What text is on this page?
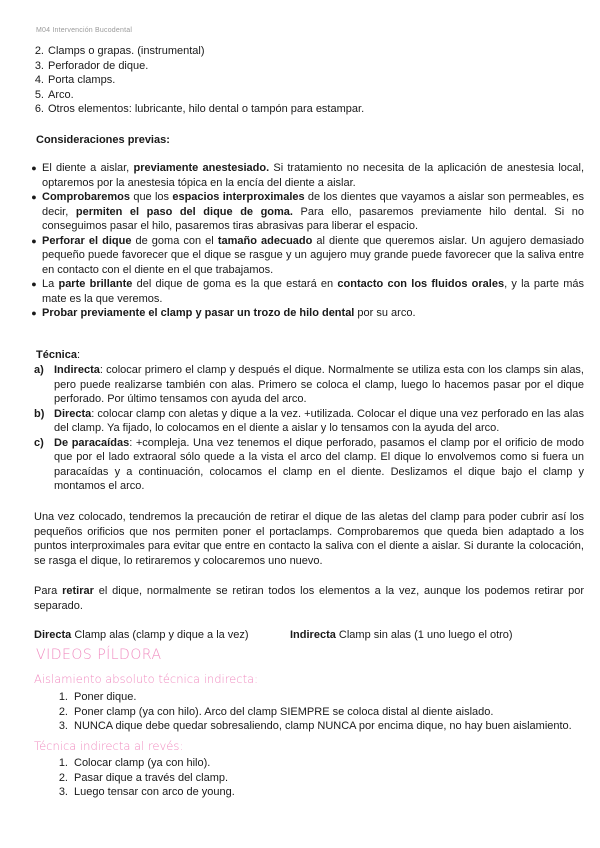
M04 Intervención Bucodental
2. Clamps o grapas. (instrumental)
3. Perforador de dique.
4. Porta clamps.
5. Arco.
6. Otros elementos: lubricante, hilo dental o tampón para estampar.
Consideraciones previas:
● El diente a aislar, previamente anestesiado. Si tratamiento no necesita de la aplicación de anestesia local, optaremos por la anestesia tópica en la encía del diente a aislar.
● Comprobaremos que los espacios interproximales de los dientes que vayamos a aislar son permeables, es decir, permiten el paso del dique de goma. Para ello, pasaremos previamente hilo dental. Si no conseguimos pasar el hilo, pasaremos tiras abrasivas para liberar el espacio.
● Perforar el dique de goma con el tamaño adecuado al diente que queremos aislar. Un agujero demasiado pequeño puede favorecer que el dique se rasgue y un agujero muy grande puede favorecer que la saliva entre en contacto con el diente en el que trabajamos.
● La parte brillante del dique de goma es la que estará en contacto con los fluidos orales, y la parte más mate es la que veremos.
● Probar previamente el clamp y pasar un trozo de hilo dental por su arco.
Técnica:
a) Indirecta: colocar primero el clamp y después el dique. Normalmente se utiliza esta con los clamps sin alas, pero puede realizarse también con alas. Primero se coloca el clamp, luego lo hacemos pasar por el dique perforado. Por último tensamos con ayuda del arco.
b) Directa: colocar clamp con aletas y dique a la vez. +utilizada. Colocar el dique una vez perforado en las alas del clamp. Ya fijado, lo colocamos en el diente a aislar y lo tensamos con la ayuda del arco.
c) De paracaídas: +compleja. Una vez tenemos el dique perforado, pasamos el clamp por el orificio de modo que por el lado extraoral sólo quede a la vista el arco del clamp. El dique lo envolvemos como si fuera un paracaídas y a continuación, colocamos el clamp en el diente. Deslizamos el dique bajo el clamp y montamos el arco.
Una vez colocado, tendremos la precaución de retirar el dique de las aletas del clamp para poder cubrir así los pequeños orificios que nos permiten poner el portaclamps. Comprobaremos que queda bien adaptado a los puntos interproximales para evitar que entre en contacto la saliva con el diente a aislar. Si durante la colocación, se rasga el dique, lo retiraremos y colocaremos uno nuevo.
Para retirar el dique, normalmente se retiran todos los elementos a la vez, aunque los podemos retirar por separado.
Directa Clamp alas (clamp y dique a la vez)	Indirecta Clamp sin alas (1 uno luego el otro)
VIDEOS PÍLDORA
Aislamiento absoluto técnica indirecta:
1. Poner dique.
2. Poner clamp (ya con hilo). Arco del clamp SIEMPRE se coloca distal al diente aislado.
3. NUNCA dique debe quedar sobresaliendo, clamp NUNCA por encima dique, no hay buen aislamiento.
Técnica indirecta al revés:
1. Colocar clamp (ya con hilo).
2. Pasar dique a través del clamp.
3. Luego tensar con arco de young.
